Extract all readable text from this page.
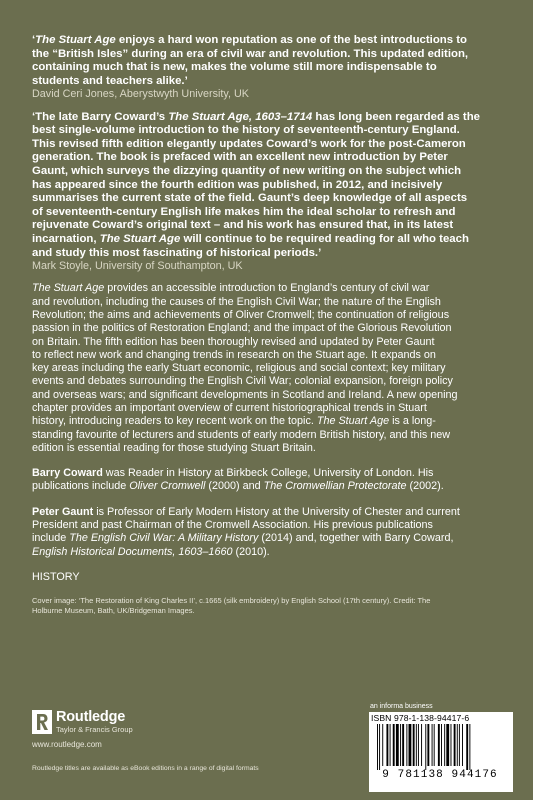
‘The Stuart Age enjoys a hard won reputation as one of the best introductions to
the “British Isles” during an era of civil war and revolution. This updated edition,
containing much that is new, makes the volume still more indispensable to
students and teachers alike.’

David Ceri Jones, Aberystwyth University, UK

‘The late Barry Coward’s The Stuart Age, 1603–1714 has long been regarded as the
best single-volume introduction to the history of seventeenth-century England.
This revised fifth edition elegantly updates Coward’s work for the post-Cameron
generation. The book is prefaced with an excellent new introduction by Peter
Gaunt, which surveys the dizzying quantity of new writing on the subject which
has appeared since the fourth edition was published, in 2012, and incisively
summarises the current state of the field. Gaunt’s deep knowledge of all aspects
of seventeenth-century English life makes him the ideal scholar to refresh and
rejuvenate Coward’s original text – and his work has ensured that, in its latest
incarnation, The Stuart Age will continue to be required reading for all who teach
and study this most fascinating of historical periods.’

Mark Stoyle, University of Southampton, UK

The Stuart Age provides an accessible introduction to England’s century of civil war
and revolution, including the causes of the English Civil War; the nature of the English
Revolution; the aims and achievements of Oliver Cromwell; the continuation of religious
passion in the politics of Restoration England; and the impact of the Glorious Revolution
on Britain. The fifth edition has been thoroughly revised and updated by Peter Gaunt
to reflect new work and changing trends in research on the Stuart age. It expands on
key areas including the early Stuart economic, religious and social context; key military
events and debates surrounding the English Civil War; colonial expansion, foreign policy
and overseas wars; and significant developments in Scotland and Ireland. A new opening
chapter provides an important overview of current historiographical trends in Stuart
history, introducing readers to key recent work on the topic. The Stuart Age is a long-
standing favourite of lecturers and students of early modern British history, and this new
edition is essential reading for those studying Stuart Britain.

Barry Coward was Reader in History at Birkbeck College, University of London. His
publications include Oliver Cromwell (2000) and The Cromwellian Protectorate (2002).

Peter Gaunt is Professor of Early Modern History at the University of Chester and current
President and past Chairman of the Cromwell Association. His previous publications
include The English Civil War: A Military History (2014) and, together with Barry Coward,
English Historical Documents, 1603–1660 (2010).

HISTORY

Cover image: ‘The Restoration of King Charles II’, c.1665 (silk embroidery) by English School (17th century). Credit: The
Holburne Museum, Bath, UK/Bridgeman Images.

Routledge
Taylor & Francis Group
www.routledge.com
Routledge titles are available as eBook editions in a range of digital formats
an informa business
ISBN 978-1-138-94417-6
9 781138 944176
